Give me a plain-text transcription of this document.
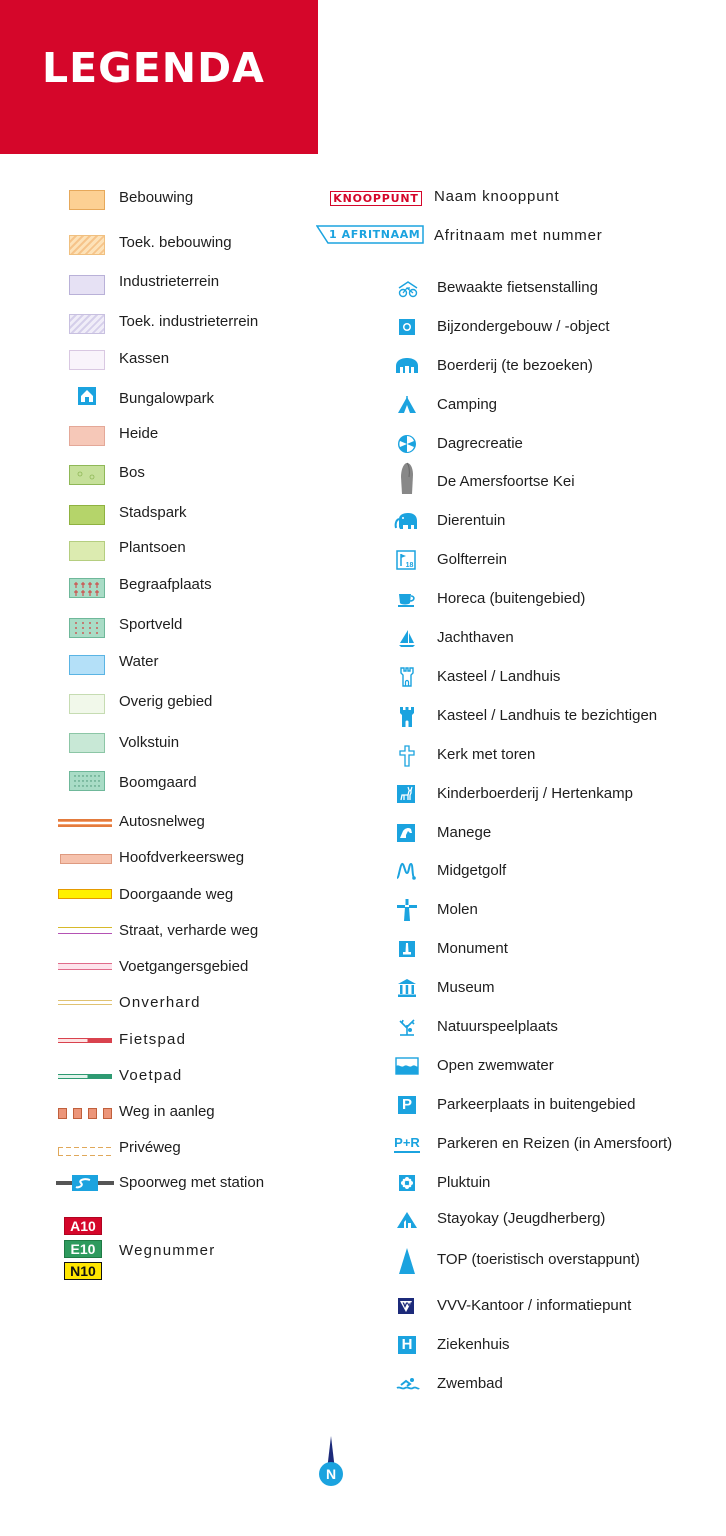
LEGENDA
Bebouwing
Toek. bebouwing
Industrieterrein
Toek. industrieterrein
Kassen
Bungalowpark
Heide
Bos
Stadspark
Plantsoen
Begraafplaats
Sportveld
Water
Overig gebied
Volkstuin
Boomgaard
Autosnelweg
Hoofdverkeersweg
Doorgaande weg
Straat, verharde weg
Voetgangersgebied
Onverhard
Fietspad
Voetpad
Weg in aanleg
Privéweg
Spoorweg met station
A10
E10
N10
Wegnummer
KNOOPPUNT Naam knooppunt
1 AFRITNAAM Afritnaam met nummer
Bewaakte fietsenstalling
Bijzondergebouw / -object
Boerderij (te bezoeken)
Camping
Dagrecreatie
De Amersfoortse Kei
Dierentuin
18 Golfterrein
Horeca (buitengebied)
Jachthaven
Kasteel / Landhuis
Kasteel / Landhuis te bezichtigen
Kerk met toren
Kinderboerderij / Hertenkamp
Manege
Midgetgolf
Molen
Monument
Museum
Natuurspeelplaats
Open zwemwater
P Parkeerplaats in buitengebied
P+R Parkeren en Reizen (in Amersfoort)
Pluktuin
Stayokay (Jeugdherberg)
TOP (toeristisch overstappunt)
VVV-Kantoor / informatiepunt
H Ziekenhuis
Zwembad
N
